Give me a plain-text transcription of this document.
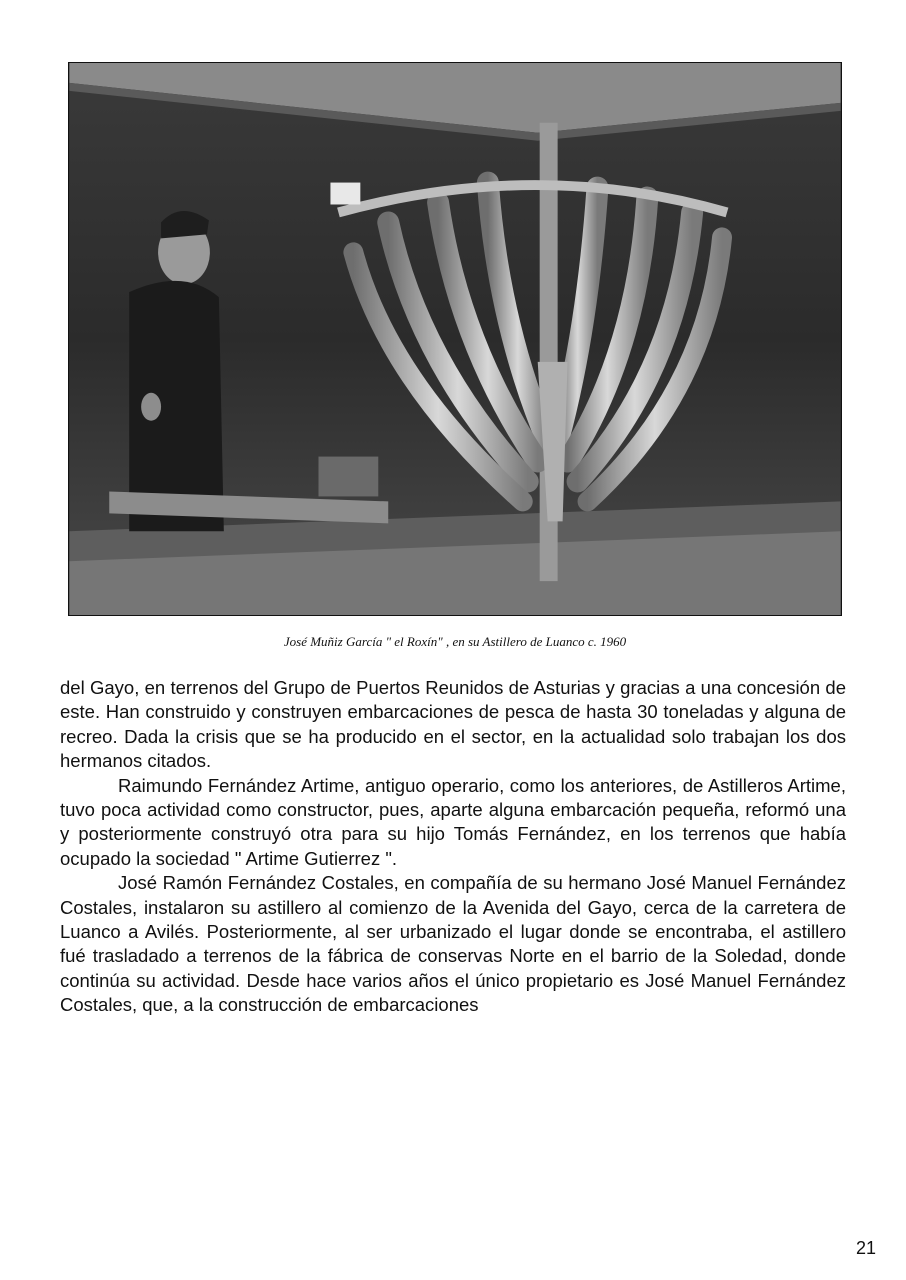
José Muñiz García " el Roxín" , en su Astillero de Luanco c. 1960

del Gayo, en terrenos del Grupo de Puertos Reunidos de Asturias y gracias a una concesión de este. Han construido y construyen embarcaciones de pesca de hasta 30 toneladas y alguna de recreo. Dada la crisis que se ha producido en el sector, en la actualidad solo trabajan los dos hermanos citados.

Raimundo Fernández Artime, antiguo operario, como los anteriores, de Astilleros Artime, tuvo poca actividad como constructor, pues, aparte alguna embarcación pequeña, reformó una y posteriormente construyó otra para su hijo Tomás Fernández, en los terrenos que había ocupado la sociedad " Artime Gutierrez ".

José Ramón Fernández Costales, en compañía de su hermano José Manuel Fernández Costales, instalaron su astillero al comienzo de la Avenida del Gayo, cerca de la carretera de Luanco a Avilés. Posteriormente, al ser urbanizado el lugar donde se encontraba, el astillero fué trasladado a terrenos de la fábrica de conservas Norte en el barrio de la Soledad, donde continúa su actividad. Desde hace varios años el único propietario es José Manuel Fernández Costales, que, a la construcción de embarcaciones

21
